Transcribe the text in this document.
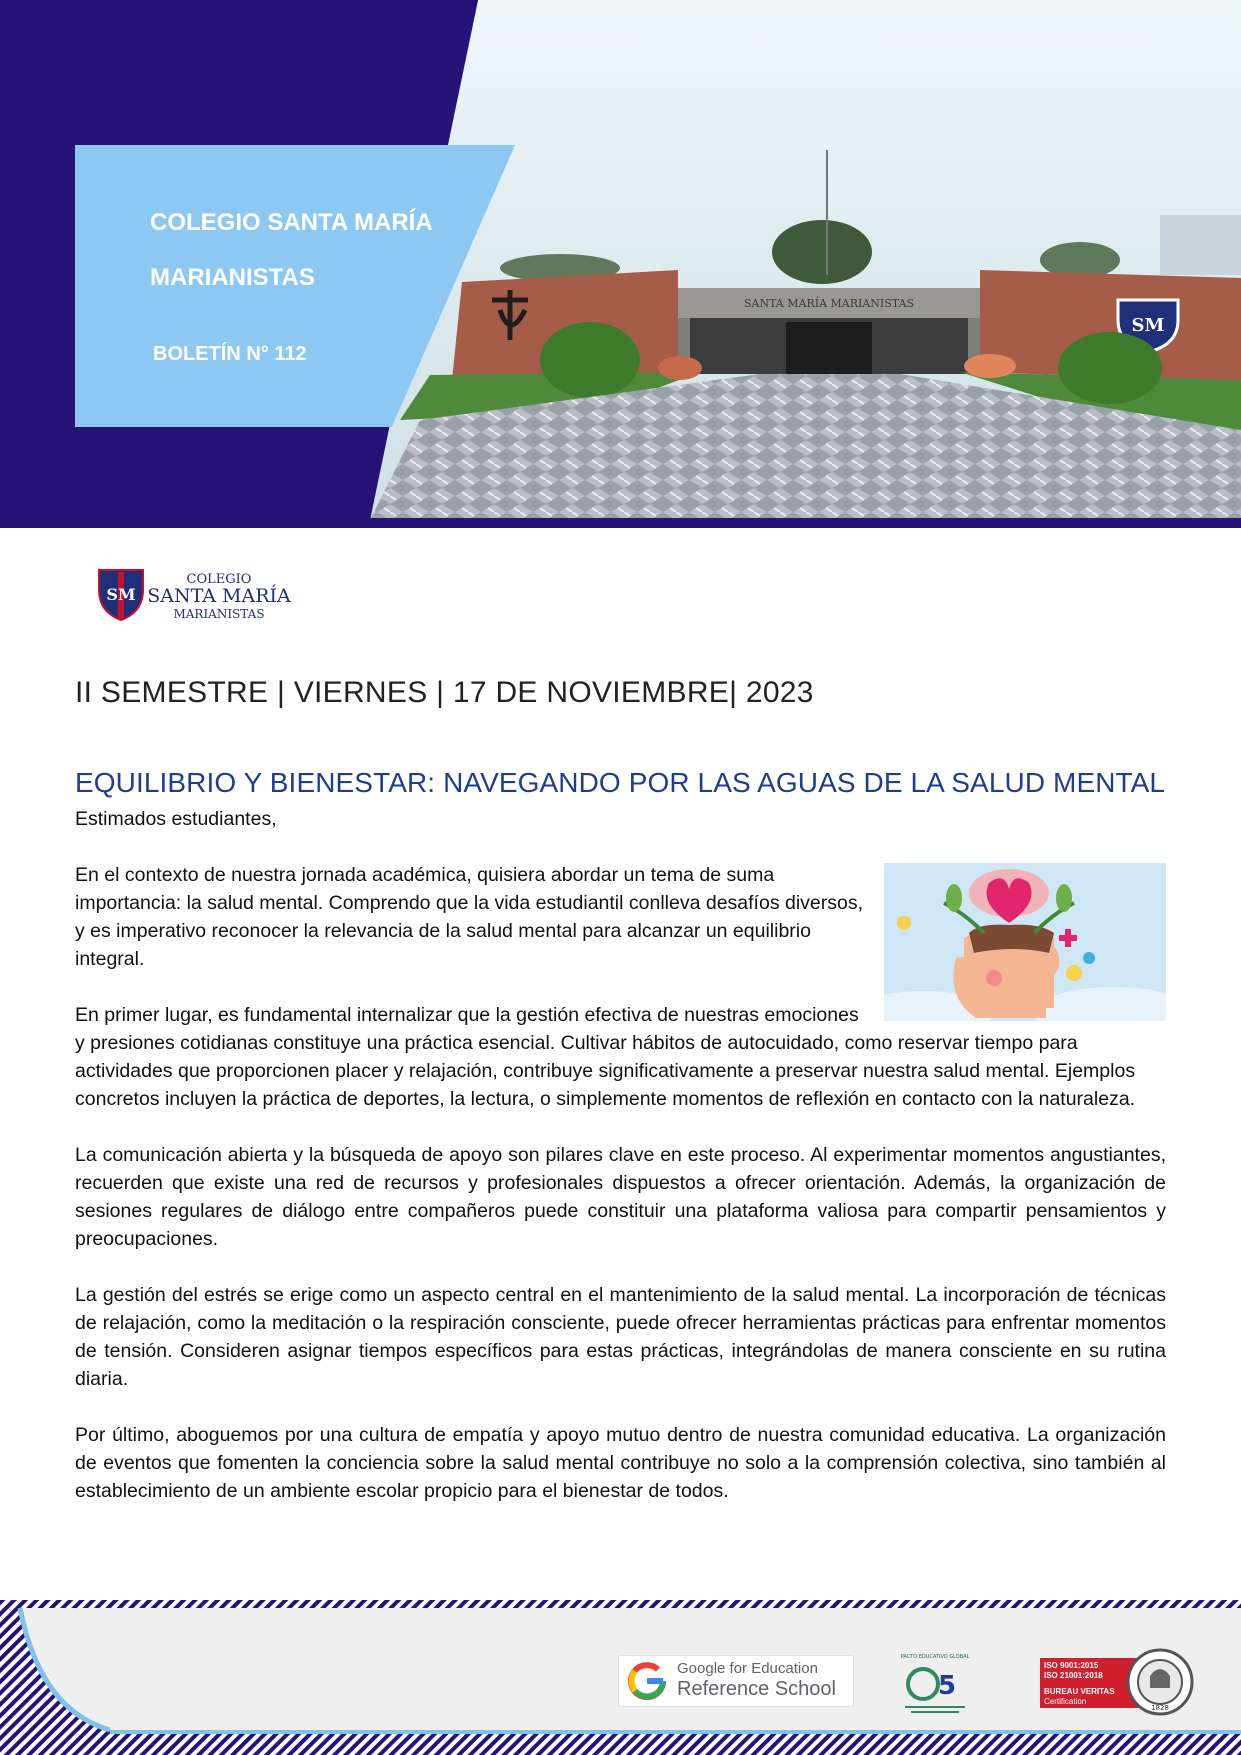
SANTA MARÍA MARIANISTAS
SM
COLEGIO SANTA MARÍA MARIANISTAS
BOLETÍN N° 112
SM
COLEGIO
SANTA MARÍA
MARIANISTAS
II SEMESTRE | VIERNES | 17 DE NOVIEMBRE| 2023
EQUILIBRIO Y BIENESTAR: NAVEGANDO POR LAS AGUAS DE LA SALUD MENTAL
Estimados estudiantes,

En el contexto de nuestra jornada académica, quisiera abordar un tema de suma importancia: la salud mental. Comprendo que la vida estudiantil conlleva desafíos diversos, y es imperativo reconocer la relevancia de la salud mental para alcanzar un equilibrio integral.

En primer lugar, es fundamental internalizar que la gestión efectiva de nuestras emociones y presiones cotidianas constituye una práctica esencial. Cultivar hábitos de autocuidado, como reservar tiempo para actividades que proporcionen placer y relajación, contribuye significativamente a preservar nuestra salud mental. Ejemplos concretos incluyen la práctica de deportes, la lectura, o simplemente momentos de reflexión en contacto con la naturaleza.

La comunicación abierta y la búsqueda de apoyo son pilares clave en este proceso. Al experimentar momentos angustiantes, recuerden que existe una red de recursos y profesionales dispuestos a ofrecer orientación. Además, la organización de sesiones regulares de diálogo entre compañeros puede constituir una plataforma valiosa para compartir pensamientos y preocupaciones.

La gestión del estrés se erige como un aspecto central en el mantenimiento de la salud mental. La incorporación de técnicas de relajación, como la meditación o la respiración consciente, puede ofrecer herramientas prácticas para enfrentar momentos de tensión. Consideren asignar tiempos específicos para estas prácticas, integrándolas de manera consciente en su rutina diaria.

Por último, aboguemos por una cultura de empatía y apoyo mutuo dentro de nuestra comunidad educativa. La organización de eventos que fomenten la conciencia sobre la salud mental contribuye no solo a la comprensión colectiva, sino también al establecimiento de un ambiente escolar propicio para el bienestar de todos.

Google for Education
Reference School
PACTO EDUCATIVO GLOBAL
5
ISO 9001:2015
ISO 21001:2018
BUREAU VERITAS
Certification
1828
